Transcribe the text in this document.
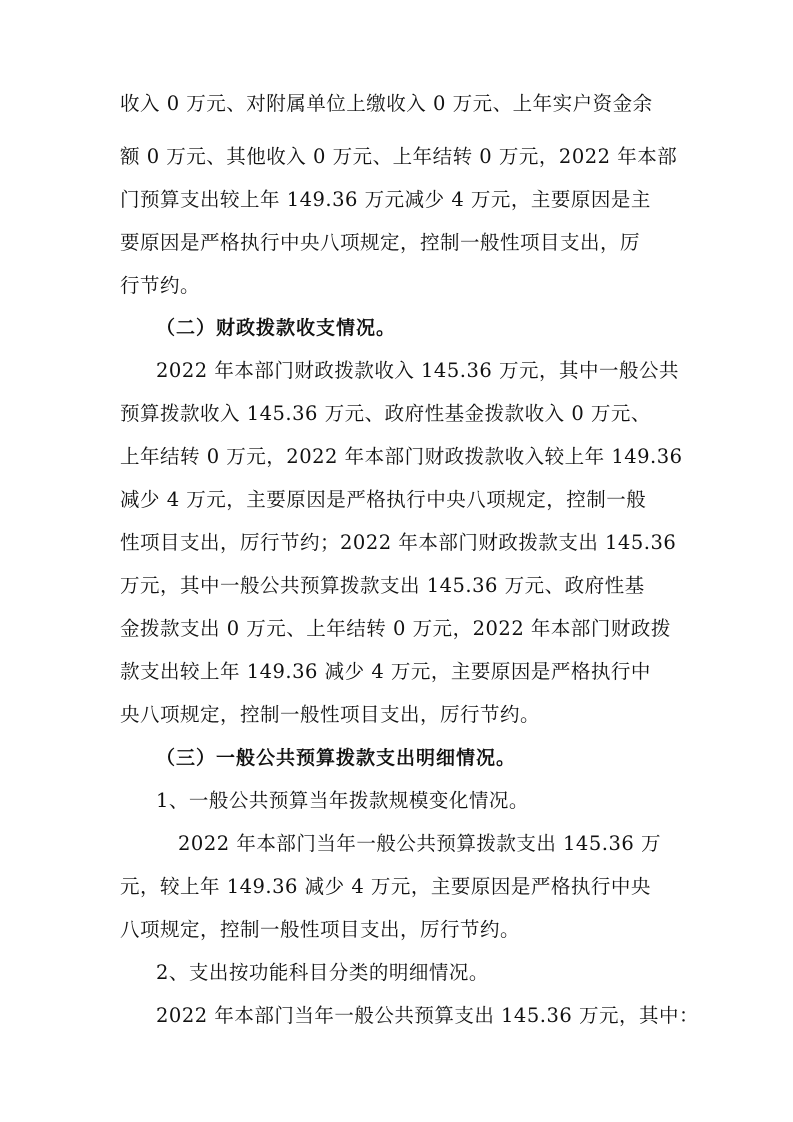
收入 0 万元、对附属单位上缴收入 0 万元、上年实户资金余
额 0 万元、其他收入 0 万元、上年结转 0 万元，2022 年本部
门预算支出较上年 149.36 万元减少 4 万元，主要原因是主
要原因是严格执行中央八项规定，控制一般性项目支出，厉
行节约。
（二）财政拨款收支情况。
2022 年本部门财政拨款收入 145.36 万元，其中一般公共
预算拨款收入 145.36 万元、政府性基金拨款收入 0 万元、
上年结转 0 万元，2022 年本部门财政拨款收入较上年 149.36
减少 4 万元，主要原因是严格执行中央八项规定，控制一般
性项目支出，厉行节约；2022 年本部门财政拨款支出 145.36
万元，其中一般公共预算拨款支出 145.36 万元、政府性基
金拨款支出 0 万元、上年结转 0 万元，2022 年本部门财政拨
款支出较上年 149.36 减少 4 万元，主要原因是严格执行中
央八项规定，控制一般性项目支出，厉行节约。
（三）一般公共预算拨款支出明细情况。
1、一般公共预算当年拨款规模变化情况。
2022 年本部门当年一般公共预算拨款支出 145.36 万
元，较上年 149.36 减少 4 万元，主要原因是严格执行中央
八项规定，控制一般性项目支出，厉行节约。
2、支出按功能科目分类的明细情况。
2022 年本部门当年一般公共预算支出 145.36 万元，其中：
